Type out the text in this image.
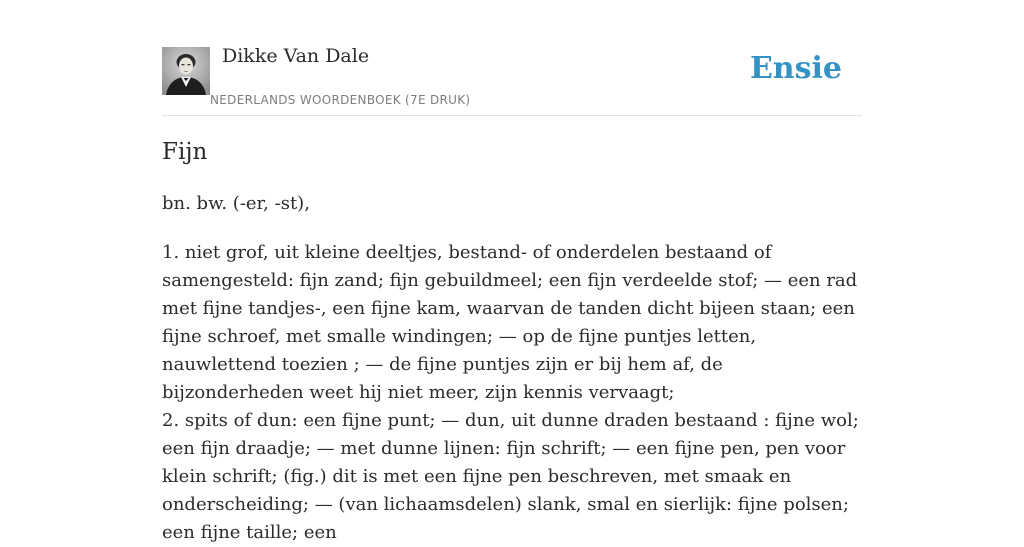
Dikke Van Dale
NEDERLANDS WOORDENBOEK (7E DRUK)
Ensie
Fijn

bn. bw. (-er, -st),

1. niet grof, uit kleine deeltjes, bestand- of onderdelen bestaand of samengesteld: fijn zand; fijn gebuildmeel; een fijn verdeelde stof; — een rad met fijne tandjes-, een fijne kam, waarvan de tanden dicht bijeen staan; een fijne schroef, met smalle windingen; — op de fijne puntjes letten, nauwlettend toezien ; — de fijne puntjes zijn er bij hem af, de bijzonderheden weet hij niet meer, zijn kennis vervaagt;

2. spits of dun: een fijne punt; — dun, uit dunne draden bestaand : fijne wol; een fijn draadje; — met dunne lijnen: fijn schrift; — een fijne pen, pen voor klein schrift; (fig.) dit is met een fijne pen beschreven, met smaak en onderscheiding; — (van lichaamsdelen) slank, smal en sierlijk: fijne polsen; een fijne taille; een
